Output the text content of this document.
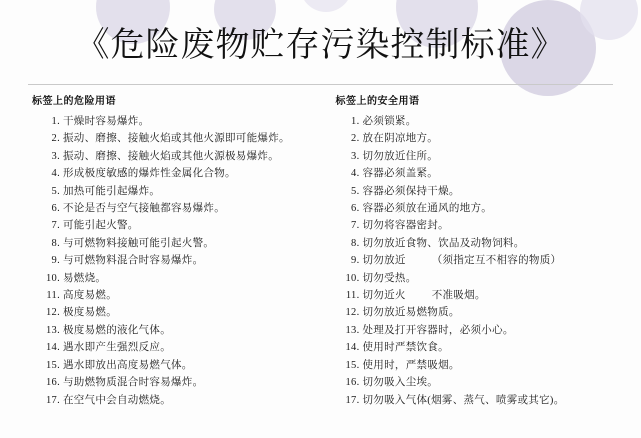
《危险废物贮存污染控制标准》
标签上的危险用语
1. 干燥时容易爆炸。
2. 振动、磨擦、接触火焰或其他火源即可能爆炸。
3. 振动、磨擦、接触火焰或其他火源极易爆炸。
4. 形成极度敏感的爆炸性金属化合物。
5. 加热可能引起爆炸。
6. 不论是否与空气接触都容易爆炸。
7. 可能引起火警。
8. 与可燃物料接触可能引起火警。
9. 与可燃物料混合时容易爆炸。
10. 易燃烧。
11. 高度易燃。
12. 极度易燃。
13. 极度易燃的液化气体。
14. 遇水即产生强烈反应。
15. 遇水即放出高度易燃气体。
16. 与助燃物质混合时容易爆炸。
17. 在空气中会自动燃烧。
标签上的安全用语
1. 必须锁紧。
2. 放在阴凉地方。
3. 切勿放近住所。
4. 容器必须盖紧。
5. 容器必须保持干燥。
6. 容器必须放在通风的地方。
7. 切勿将容器密封。
8. 切勿放近食物、饮品及动物饲料。
9. 切勿放近 （须指定互不相容的物质）
10. 切勿受热。
11. 切勿近火 不准吸烟。
12. 切勿放近易燃物质。
13. 处理及打开容器时，必须小心。
14. 使用时严禁饮食。
15. 使用时，严禁吸烟。
16. 切勿吸入尘埃。
17. 切勿吸入气体(烟雾、蒸气、喷雾或其它)。
